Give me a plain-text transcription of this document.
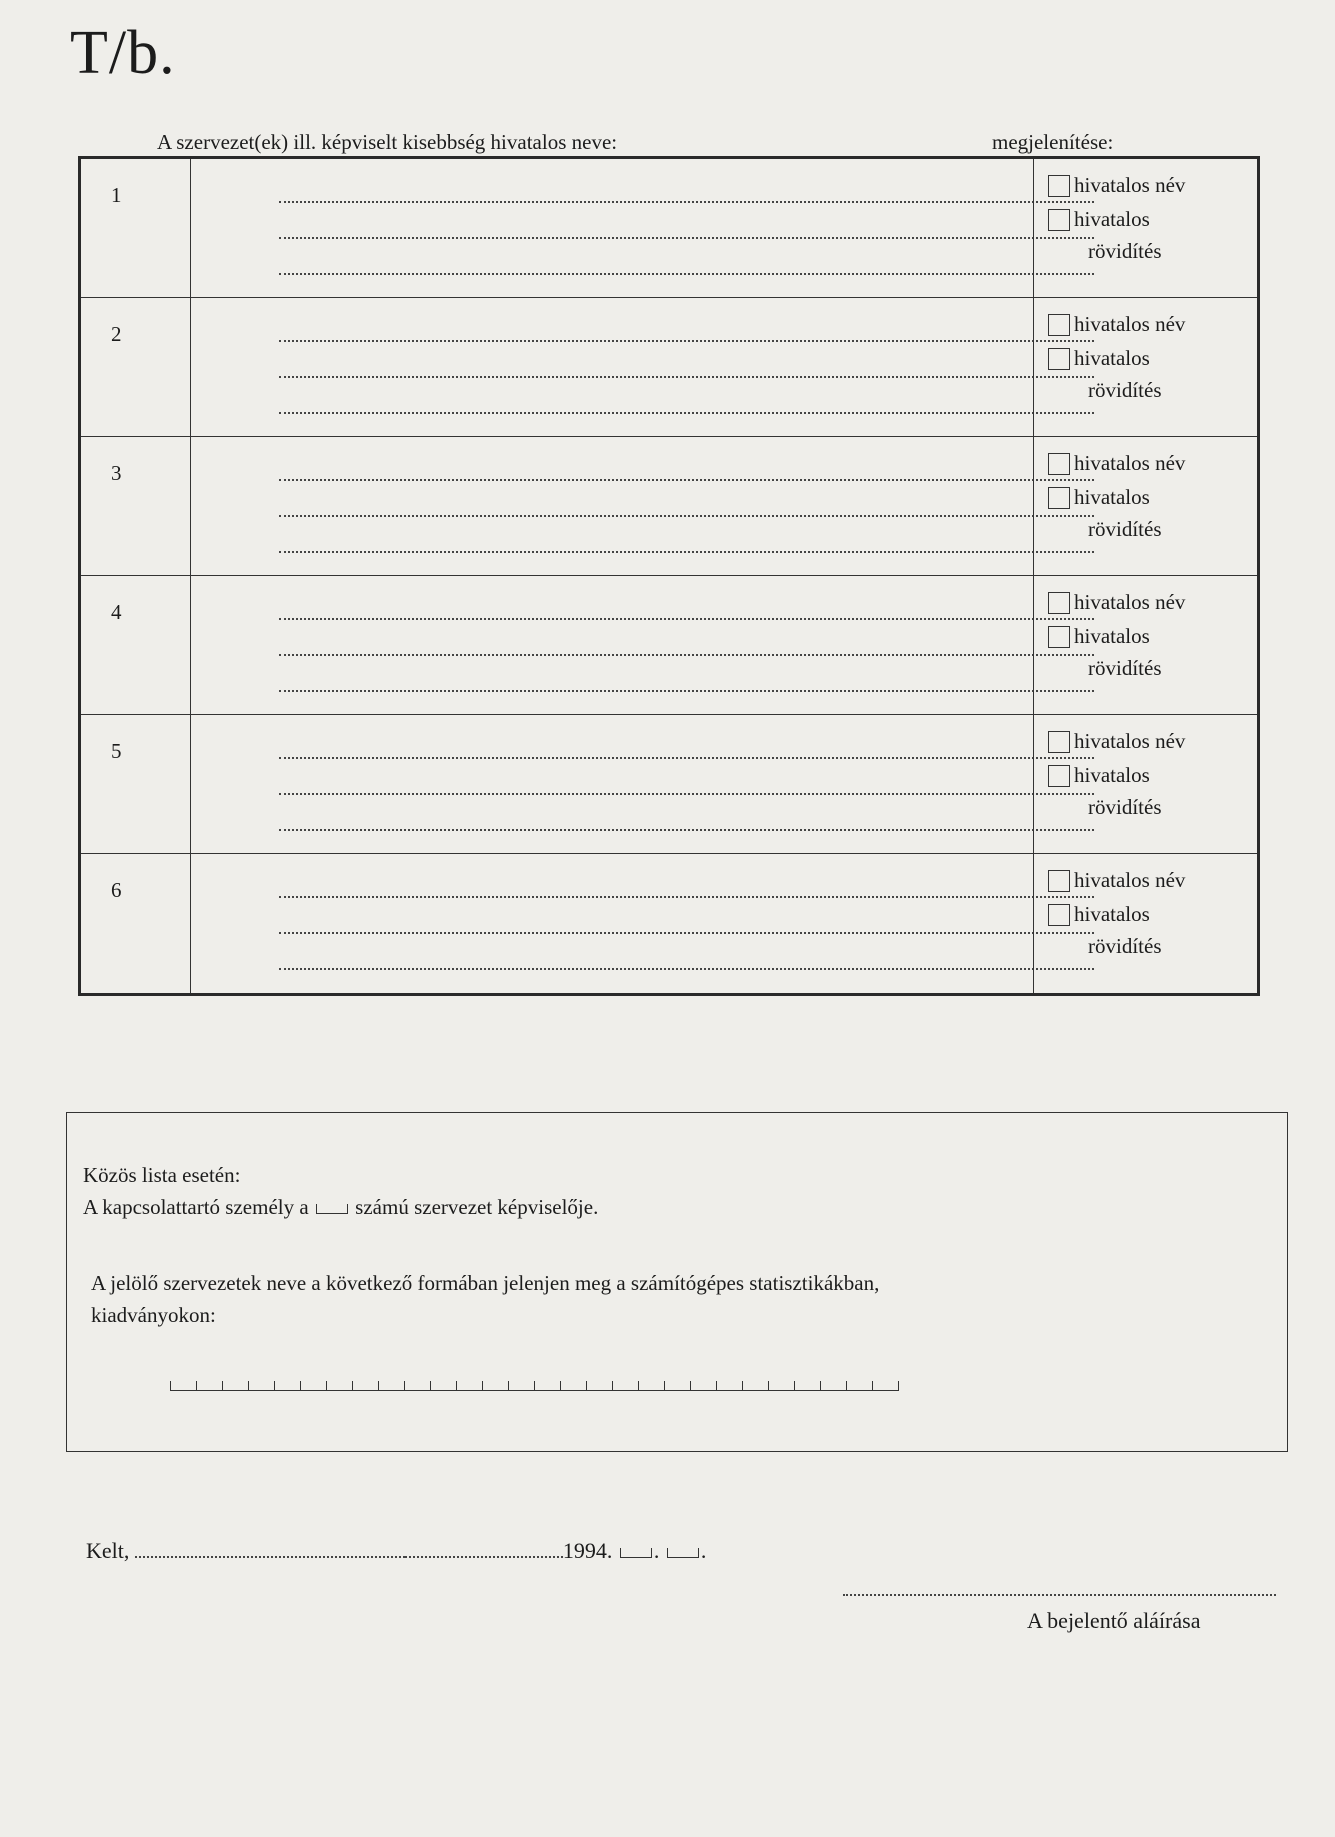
T/b.
A szervezet(ek) ill. képviselt kisebbség hivatalos neve:	megjelenítése:
1	hivatalos név
hivatalos
rövidítés
2	hivatalos név
hivatalos
rövidítés
3	hivatalos név
hivatalos
rövidítés
4	hivatalos név
hivatalos
rövidítés
5	hivatalos név
hivatalos
rövidítés
6	hivatalos név
hivatalos
rövidítés
Közös lista esetén:
A kapcsolattartó személy a számú szervezet képviselője.
A jelölő szervezetek neve a következő formában jelenjen meg a számítógépes statisztikákban,
kiadványokon:
Kelt,	1994. . .
A bejelentő aláírása
